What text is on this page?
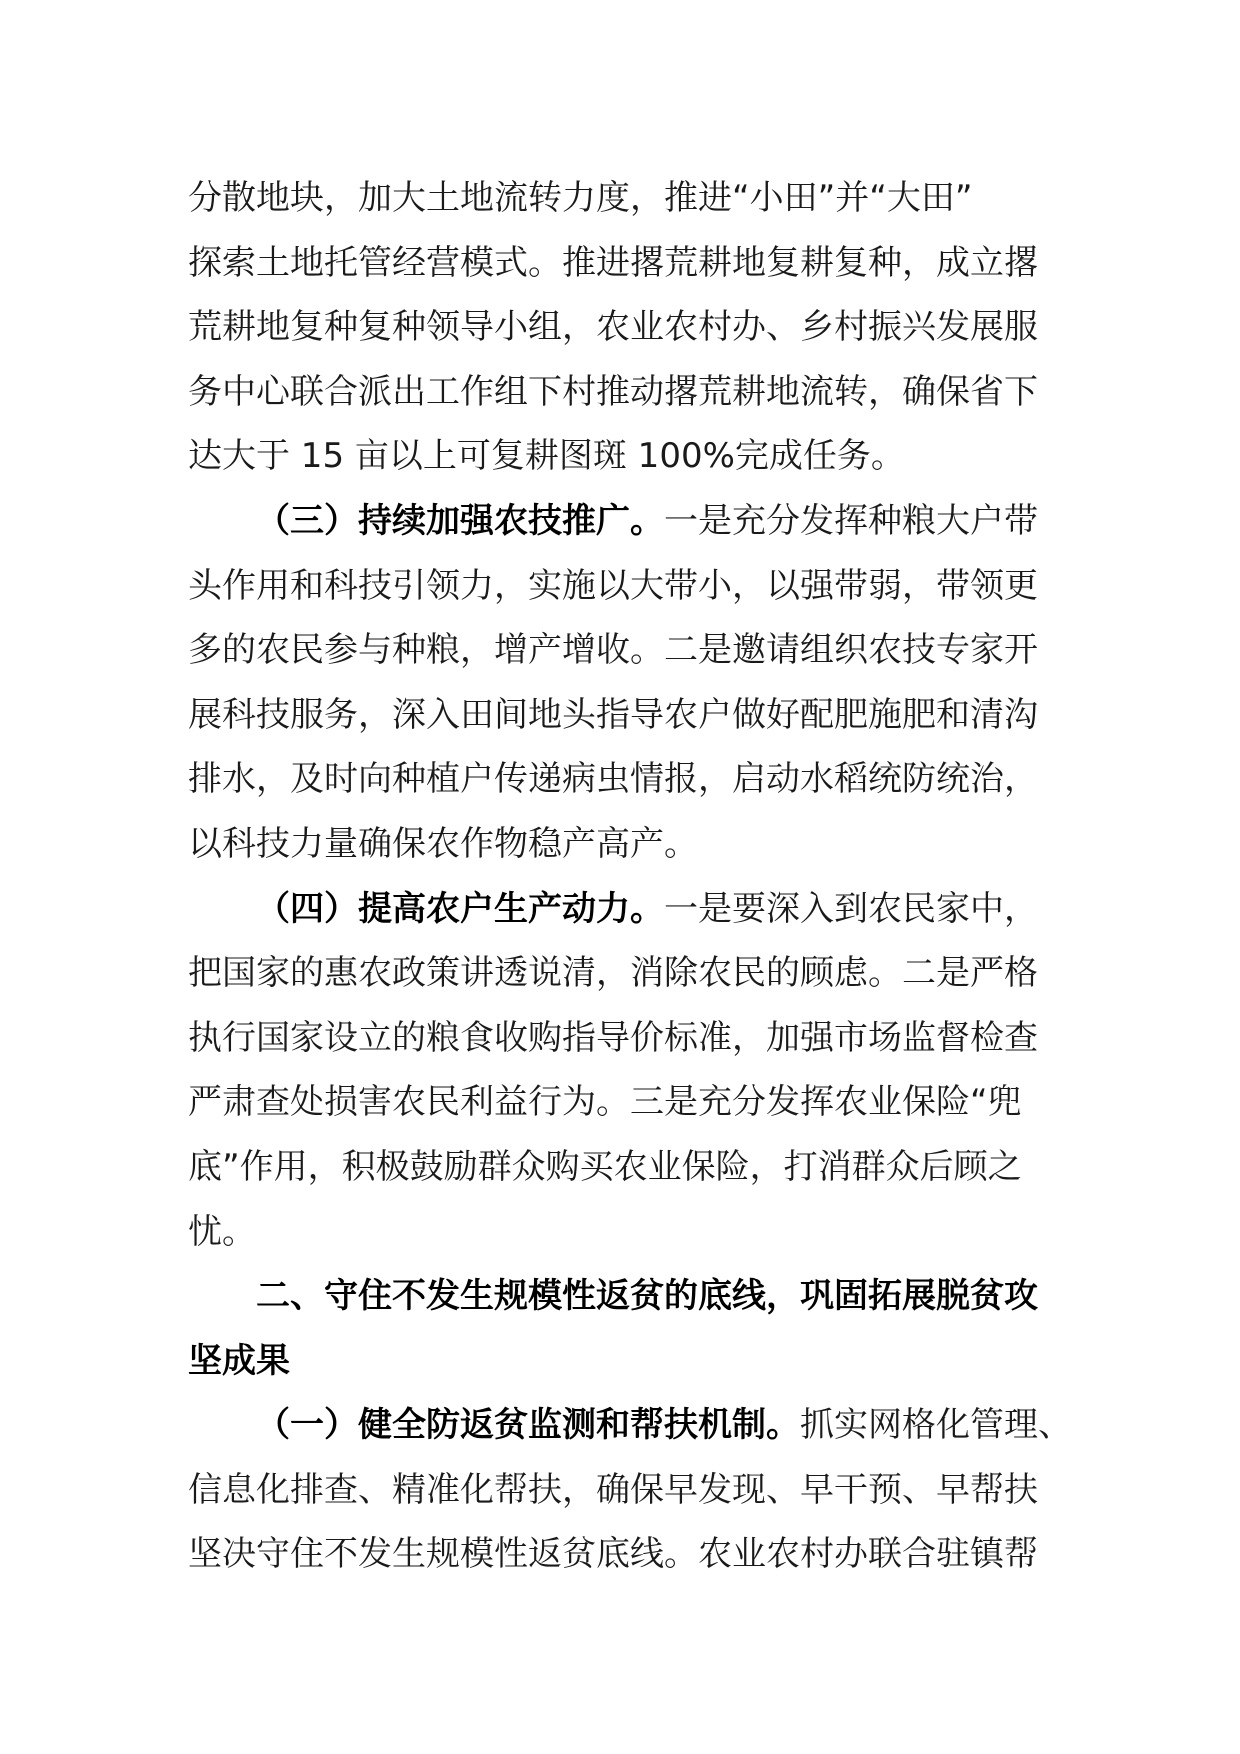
分散地块，加大土地流转力度，推进“小田”并“大田”
探索土地托管经营模式。推进撂荒耕地复耕复种，成立撂
荒耕地复种复种领导小组，农业农村办、乡村振兴发展服
务中心联合派出工作组下村推动撂荒耕地流转，确保省下
达大于 15 亩以上可复耕图斑 100%完成任务。
（三）持续加强农技推广。一是充分发挥种粮大户带
头作用和科技引领力，实施以大带小，以强带弱，带领更
多的农民参与种粮，增产增收。二是邀请组织农技专家开
展科技服务，深入田间地头指导农户做好配肥施肥和清沟
排水，及时向种植户传递病虫情报，启动水稻统防统治，
以科技力量确保农作物稳产高产。
（四）提高农户生产动力。一是要深入到农民家中，
把国家的惠农政策讲透说清，消除农民的顾虑。二是严格
执行国家设立的粮食收购指导价标准，加强市场监督检查
严肃查处损害农民利益行为。三是充分发挥农业保险“兜
底”作用，积极鼓励群众购买农业保险，打消群众后顾之
忧。
二、守住不发生规模性返贫的底线，巩固拓展脱贫攻
坚成果
（一）健全防返贫监测和帮扶机制。抓实网格化管理、
信息化排查、精准化帮扶，确保早发现、早干预、早帮扶
坚决守住不发生规模性返贫底线。农业农村办联合驻镇帮
